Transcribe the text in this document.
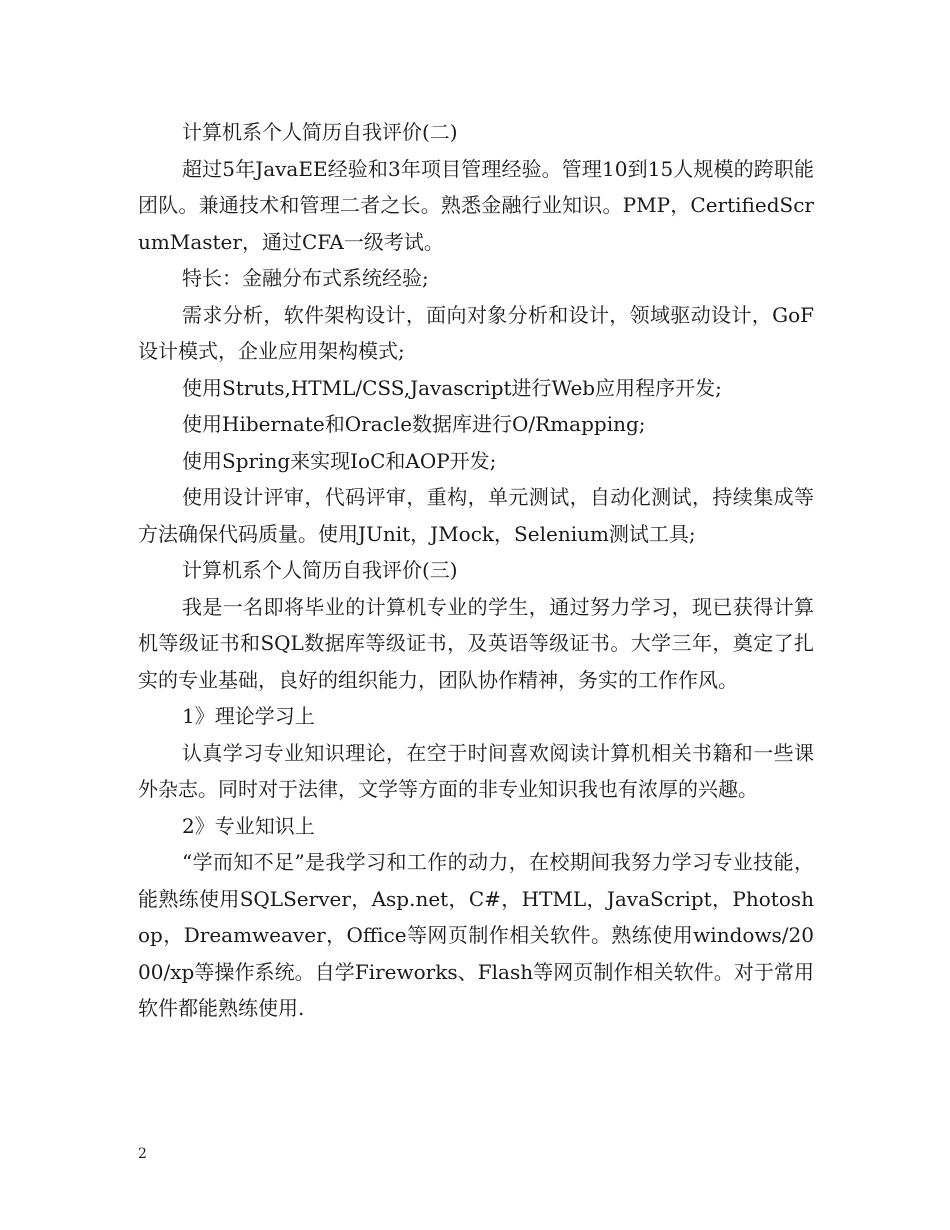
计算机系个人简历自我评价(二)

超过5年JavaEE经验和3年项目管理经验。管理10到15人规模的跨职能团队。兼通技术和管理二者之长。熟悉金融行业知识。PMP，CertifiedScrumMaster，通过CFA一级考试。

特长：金融分布式系统经验;

需求分析，软件架构设计，面向对象分析和设计，领域驱动设计，GoF设计模式，企业应用架构模式;

使用Struts,HTML/CSS,Javascript进行Web应用程序开发;

使用Hibernate和Oracle数据库进行O/Rmapping;

使用Spring来实现IoC和AOP开发;

使用设计评审，代码评审，重构，单元测试，自动化测试，持续集成等方法确保代码质量。使用JUnit，JMock，Selenium测试工具;

计算机系个人简历自我评价(三)

我是一名即将毕业的计算机专业的学生，通过努力学习，现已获得计算机等级证书和SQL数据库等级证书，及英语等级证书。大学三年，奠定了扎实的专业基础，良好的组织能力，团队协作精神，务实的工作作风。

1》理论学习上

认真学习专业知识理论，在空于时间喜欢阅读计算机相关书籍和一些课外杂志。同时对于法律，文学等方面的非专业知识我也有浓厚的兴趣。

2》专业知识上

“学而知不足”是我学习和工作的动力，在校期间我努力学习专业技能，能熟练使用SQLServer，Asp.net，C#，HTML，JavaScript，Photoshop，Dreamweaver，Office等网页制作相关软件。熟练使用windows/2000/xp等操作系统。自学Fireworks、Flash等网页制作相关软件。对于常用软件都能熟练使用.

2
